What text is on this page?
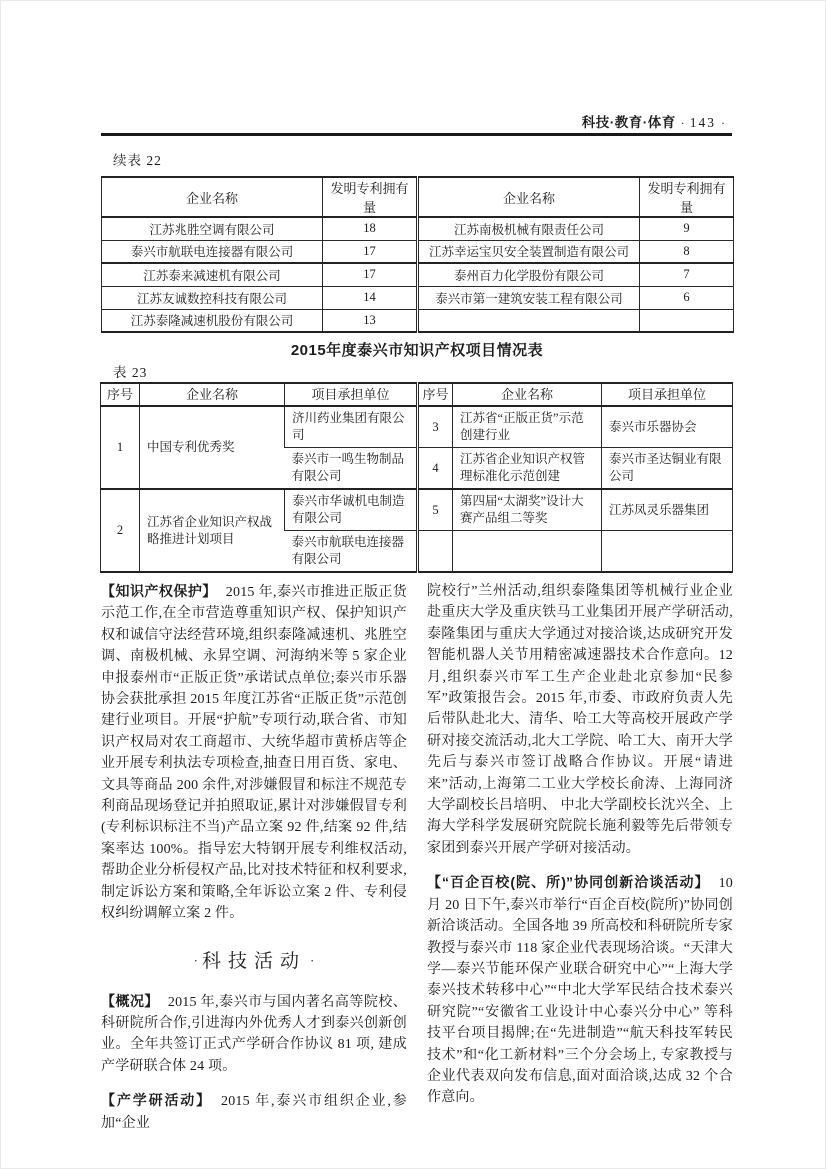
科技·教育·体育 · 143 ·
续表 22
企业名称	发明专利拥有量	企业名称	发明专利拥有量
江苏兆胜空调有限公司	18	江苏南极机械有限责任公司	9
泰兴市航联电连接器有限公司	17	江苏幸运宝贝安全装置制造有限公司	8
江苏泰来减速机有限公司	17	泰州百力化学股份有限公司	7
江苏友诚数控科技有限公司	14	泰兴市第一建筑安装工程有限公司	6
江苏泰隆减速机股份有限公司	13		
2015年度泰兴市知识产权项目情况表
表 23
序号	企业名称	项目承担单位	序号	企业名称	项目承担单位
1	中国专利优秀奖	济川药业集团有限公司	3	江苏省“正版正货”示范创建行业	泰兴市乐器协会
		泰兴市一鸣生物制品有限公司	4	江苏省企业知识产权管理标准化示范创建	泰兴市圣达铜业有限公司
2	江苏省企业知识产权战略推进计划项目	泰兴市华诚机电制造有限公司	5	第四届“太湖奖”设计大赛产品组二等奖	江苏凤灵乐器集团
		泰兴市航联电连接器有限公司			

【知识产权保护】 2015 年,泰兴市推进正版正货示范工作,在全市营造尊重知识产权、保护知识产权和诚信守法经营环境,组织泰隆减速机、兆胜空调、南极机械、永昇空调、河海纳米等 5 家企业申报泰州市“正版正货”承诺试点单位;泰兴市乐器协会获批承担 2015 年度江苏省“正版正货”示范创建行业项目。开展“护航”专项行动,联合省、市知识产权局对农工商超市、大统华超市黄桥店等企业开展专利执法专项检查,抽查日用百货、家电、文具等商品 200 余件,对涉嫌假冒和标注不规范专利商品现场登记并拍照取证,累计对涉嫌假冒专利(专利标识标注不当)产品立案 92 件,结案 92 件,结案率达 100%。指导宏大特钢开展专利维权活动,帮助企业分析侵权产品,比对技术特征和权利要求,制定诉讼方案和策略,全年诉讼立案 2 件、专利侵权纠纷调解立案 2 件。

· 科技活动 ·

【概况】 2015 年,泰兴市与国内著名高等院校、科研院所合作,引进海内外优秀人才到泰兴创新创业。全年共签订正式产学研合作协议 81 项, 建成产学研联合体 24 项。

【产学研活动】 2015 年,泰兴市组织企业,参加“企业

院校行”兰州活动,组织泰隆集团等机械行业企业赴重庆大学及重庆铁马工业集团开展产学研活动,泰隆集团与重庆大学通过对接洽谈,达成研究开发智能机器人关节用精密减速器技术合作意向。12 月,组织泰兴市军工生产企业赴北京参加“民参军”政策报告会。2015 年,市委、市政府负责人先后带队赴北大、清华、哈工大等高校开展政产学研对接交流活动,北大工学院、哈工大、南开大学先后与泰兴市签订战略合作协议。开展“请进来”活动,上海第二工业大学校长俞涛、上海同济大学副校长吕培明、 中北大学副校长沈兴全、上海大学科学发展研究院院长施利毅等先后带领专家团到泰兴开展产学研对接活动。

【“百企百校(院、所)”协同创新洽谈活动】 10 月 20 日下午,泰兴市举行“百企百校(院所)”协同创新洽谈活动。全国各地 39 所高校和科研院所专家教授与泰兴市 118 家企业代表现场洽谈。“天津大学—泰兴节能环保产业联合研究中心”“上海大学泰兴技术转移中心”“中北大学军民结合技术泰兴研究院”“安徽省工业设计中心泰兴分中心” 等科技平台项目揭牌;在“先进制造”“航天科技军转民技术”和“化工新材料”三个分会场上, 专家教授与企业代表双向发布信息,面对面洽谈,达成 32 个合作意向。
